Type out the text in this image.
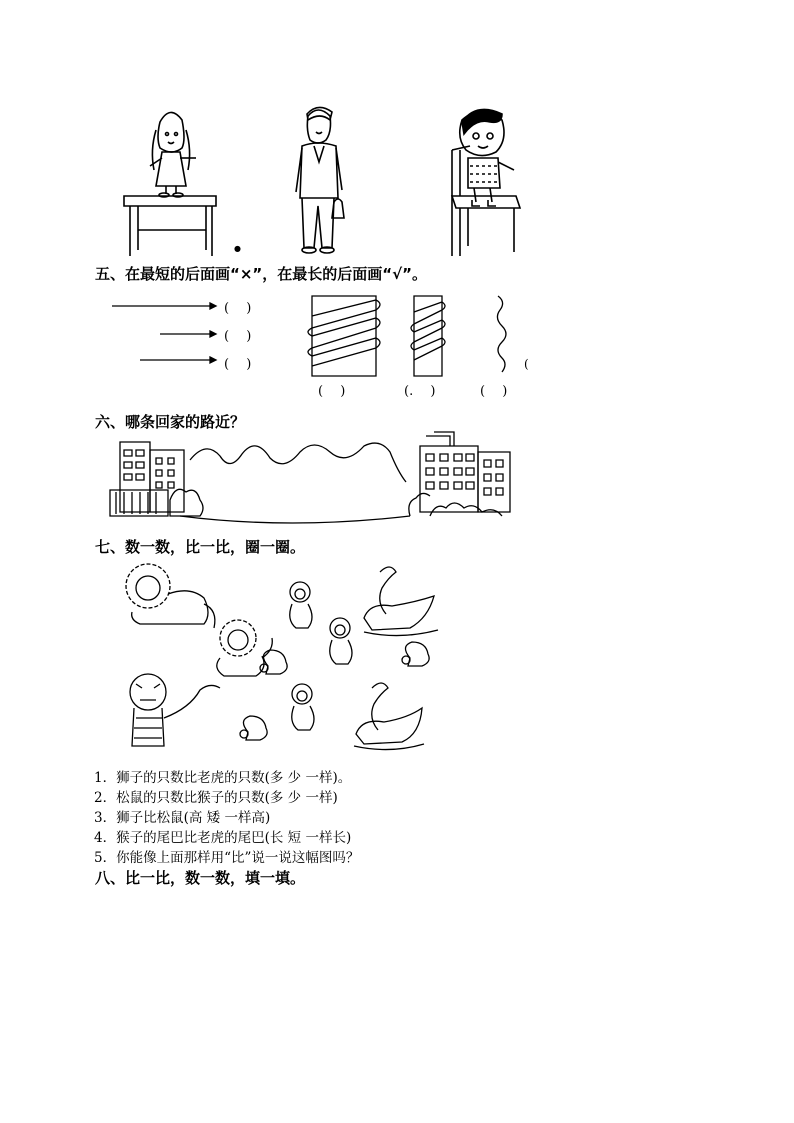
●
五、在最短的后面画“×”，在最长的后面画“√”。
(　 )
(　 )
(　 )	(
(　 )	(. 　)	(　 )
六、哪条回家的路近？
七、数一数，比一比，圈一圈。
1．狮子的只数比老虎的只数(多 少 一样)。
2．松鼠的只数比猴子的只数(多 少 一样)
3．狮子比松鼠(高 矮 一样高)
4．猴子的尾巴比老虎的尾巴(长 短 一样长)
5．你能像上面那样用“比”说一说这幅图吗？
八、比一比，数一数，填一填。
